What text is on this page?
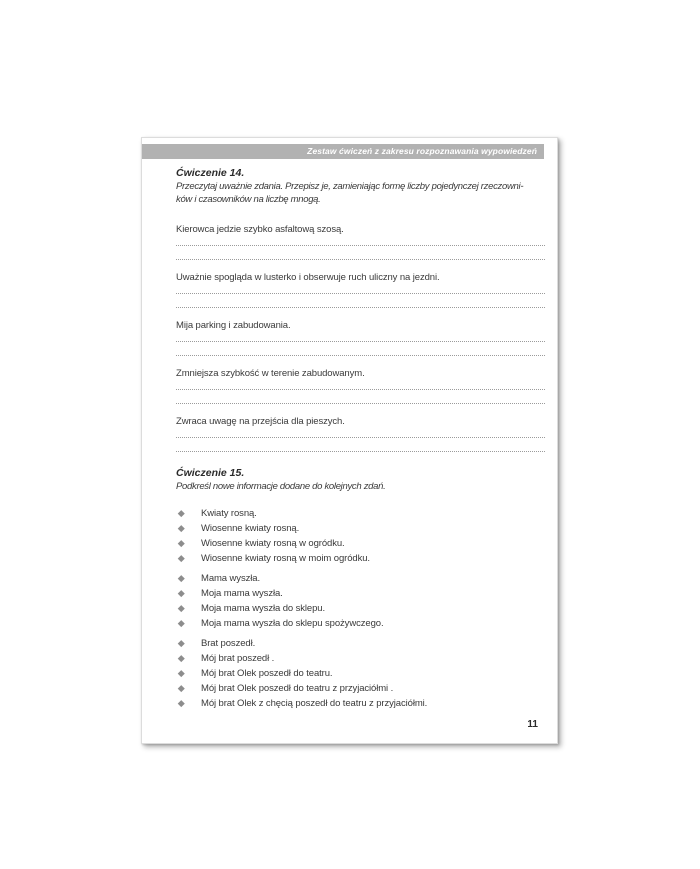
Zestaw ćwiczeń z zakresu rozpoznawania wypowiedzeń
Ćwiczenie 14.
Przeczytaj uważnie zdania. Przepisz je, zamieniając formę liczby pojedynczej rzeczowni-
ków i czasowników na liczbę mnogą.
Kierowca jedzie szybko asfaltową szosą.
Uważnie spogląda w lusterko i obserwuje ruch uliczny na jezdni.
Mija parking i zabudowania.
Zmniejsza szybkość w terenie zabudowanym.
Zwraca uwagę na przejścia dla pieszych.
Ćwiczenie 15.
Podkreśl nowe informacje dodane do kolejnych zdań.
Kwiaty rosną.
Wiosenne kwiaty rosną.
Wiosenne kwiaty rosną w ogródku.
Wiosenne kwiaty rosną w moim ogródku.
Mama wyszła.
Moja mama wyszła.
Moja mama wyszła do sklepu.
Moja mama wyszła do sklepu spożywczego.
Brat poszedł.
Mój brat poszedł .
Mój brat Olek poszedł do teatru.
Mój brat Olek poszedł do teatru z przyjaciółmi .
Mój brat Olek z chęcią poszedł do teatru z przyjaciółmi.
11
